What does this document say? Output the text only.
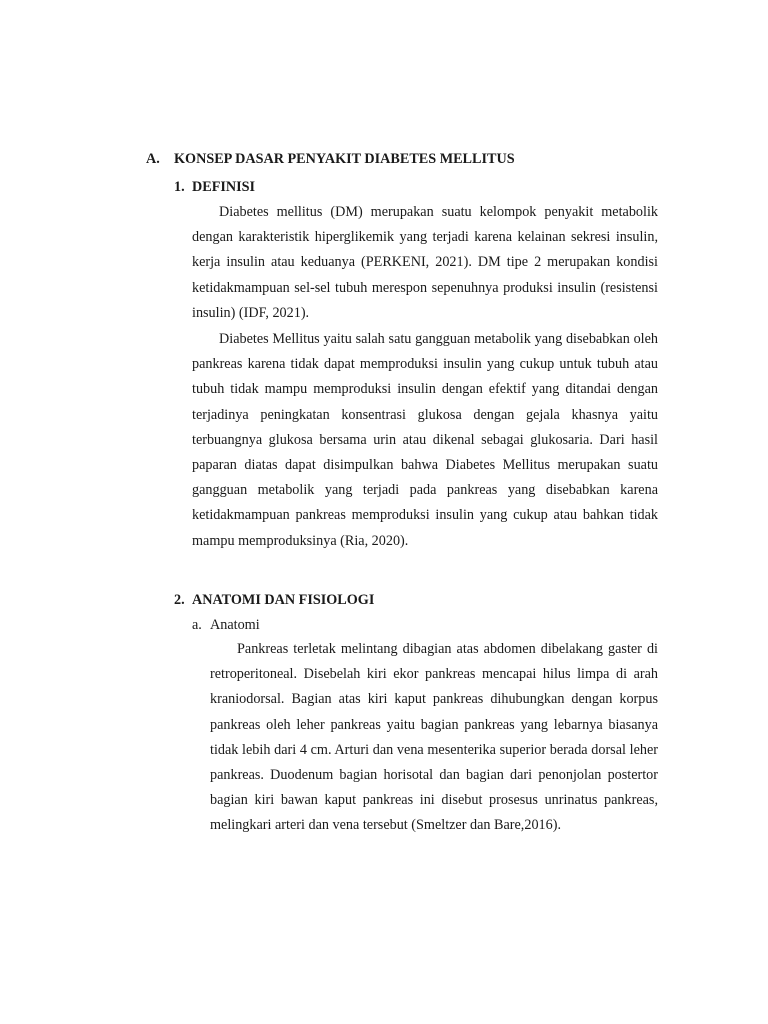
A. KONSEP DASAR PENYAKIT DIABETES MELLITUS
1. DEFINISI

Diabetes mellitus (DM) merupakan suatu kelompok penyakit metabolik dengan karakteristik hiperglikemik yang terjadi karena kelainan sekresi insulin, kerja insulin atau keduanya (PERKENI, 2021). DM tipe 2 merupakan kondisi ketidakmampuan sel-sel tubuh merespon sepenuhnya produksi insulin (resistensi insulin) (IDF, 2021).

Diabetes Mellitus yaitu salah satu gangguan metabolik yang disebabkan oleh pankreas karena tidak dapat memproduksi insulin yang cukup untuk tubuh atau tubuh tidak mampu memproduksi insulin dengan efektif yang ditandai dengan terjadinya peningkatan konsentrasi glukosa dengan gejala khasnya yaitu terbuangnya glukosa bersama urin atau dikenal sebagai glukosaria. Dari hasil paparan diatas dapat disimpulkan bahwa Diabetes Mellitus merupakan suatu gangguan metabolik yang terjadi pada pankreas yang disebabkan karena ketidakmampuan pankreas memproduksi insulin yang cukup atau bahkan tidak mampu memproduksinya (Ria, 2020).

2. ANATOMI DAN FISIOLOGI
a. Anatomi

Pankreas terletak melintang dibagian atas abdomen dibelakang gaster di retroperitoneal. Disebelah kiri ekor pankreas mencapai hilus limpa di arah kraniodorsal. Bagian atas kiri kaput pankreas dihubungkan dengan korpus pankreas oleh leher pankreas yaitu bagian pankreas yang lebarnya biasanya tidak lebih dari 4 cm. Arturi dan vena mesenterika superior berada dorsal leher pankreas. Duodenum bagian horisotal dan bagian dari penonjolan postertor bagian kiri bawan kaput pankreas ini disebut prosesus unrinatus pankreas, melingkari arteri dan vena tersebut (Smeltzer dan Bare,2016).
